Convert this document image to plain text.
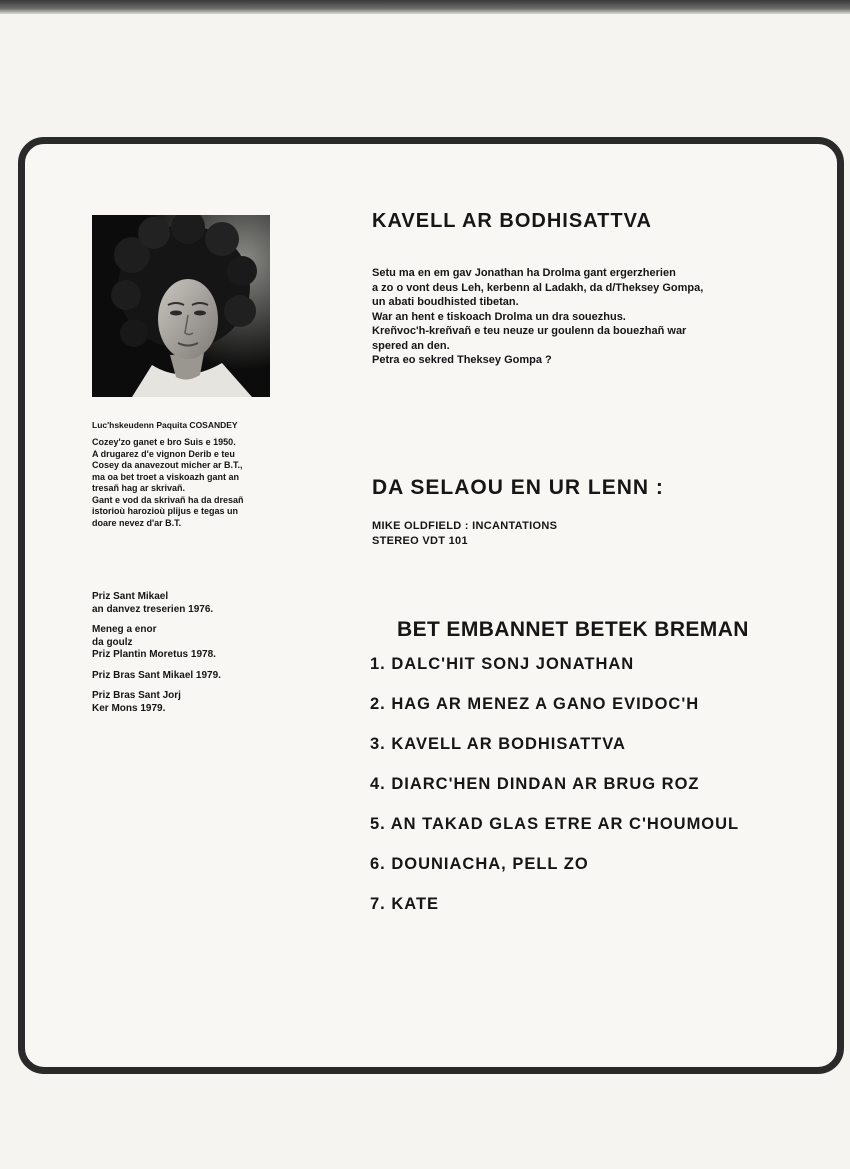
Luc'hskeudenn Paquita COSANDEY
Cozey'zo ganet e bro Suis e 1950.
A drugarez d'e vignon Derib e teu
Cosey da anavezout micher ar B.T.,
ma oa bet troet a viskoazh gant an
tresañ hag ar skrivañ.
Gant e vod da skrivañ ha da dresañ
istorioù harozioù plijus e tegas un
doare nevez d'ar B.T.
Priz Sant Mikael
an danvez treserien 1976.
Meneg a enor
da goulz
Priz Plantin Moretus 1978.
Priz Bras Sant Mikael 1979.
Priz Bras Sant Jorj
Ker Mons 1979.
KAVELL AR BODHISATTVA
Setu ma en em gav Jonathan ha Drolma gant ergerzherien
a zo o vont deus Leh, kerbenn al Ladakh, da d/Theksey Gompa,
un abati boudhisted tibetan.
War an hent e tiskoach Drolma un dra souezhus.
Kreñvoc'h-kreñvañ e teu neuze ur goulenn da bouezhañ war
spered an den.
Petra eo sekred Theksey Gompa ?
DA SELAOU EN UR LENN :
MIKE OLDFIELD : INCANTATIONS
STEREO VDT 101
BET EMBANNET BETEK BREMAN
1. DALC'HIT SONJ JONATHAN
2. HAG AR MENEZ A GANO EVIDOC'H
3. KAVELL AR BODHISATTVA
4. DIARC'HEN DINDAN AR BRUG ROZ
5. AN TAKAD GLAS ETRE AR C'HOUMOUL
6. DOUNIACHA, PELL ZO
7. KATE
